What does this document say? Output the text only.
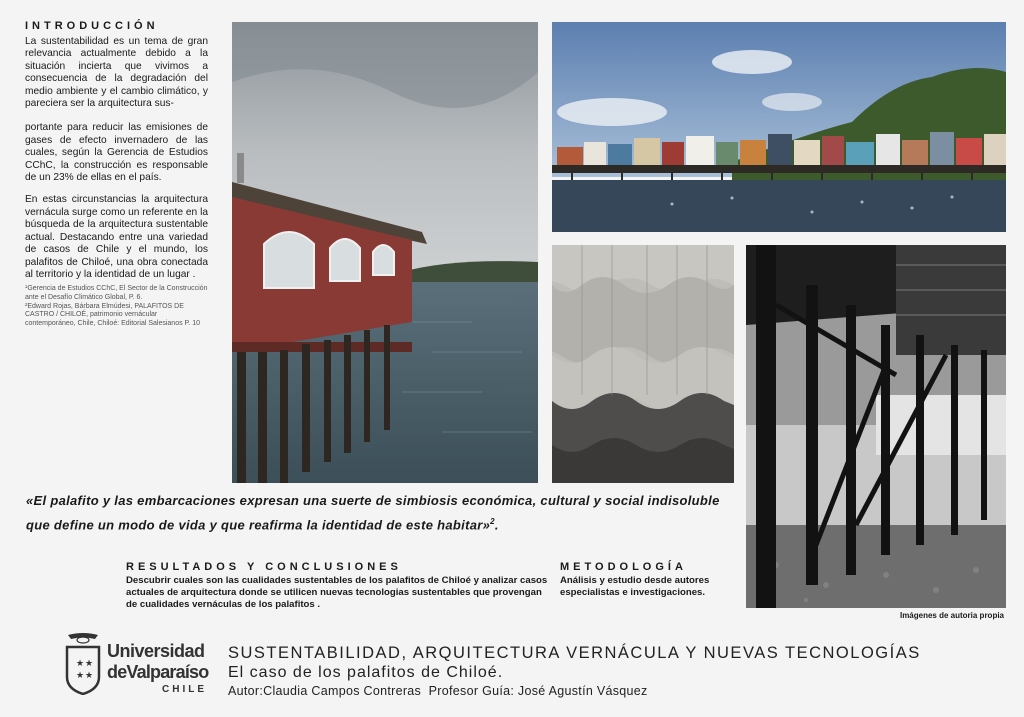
INTRODUCCIÓN

La sustentabilidad es un tema de gran relevancia actualmente debido a la situación incierta que vivimos a consecuencia de la degradación del medio ambiente y el cambio climático, y pareciera ser la arquitectura sus-

portante para reducir las emisiones de gases de efecto invernadero de las cuales, según la Gerencia de Estudios CChC, la construcción es responsable de un 23% de ellas en el país.

En estas circunstancias la arquitectura vernácula surge como un referente en la búsqueda de la arquitectura sustentable actual. Destacando entre una variedad de casos de Chile y el mundo, los palafitos de Chiloé, una obra conectada al territorio y la identidad de un lugar .

¹Gerencia de Estudios CChC, El Sector de la Construcción ante el Desafío Climático Global, P. 6.

²Edward Rojas, Bárbara Elmúdesi, PALAFITOS DE CASTRO / CHILOÉ, patrimonio vernácular contemporáneo, Chile, Chiloé: Editorial Salesianos P. 10

«El palafito y las embarcaciones expresan una suerte de simbiosis económica, cultural y social indisoluble que define un modo de vida y que reafirma la identidad de este habitar»$^2$.
RESULTADOS Y CONCLUSIONES
Descubrir cuales son las cualidades sustentables de los palafitos de Chiloé y analizar casos actuales de arquitectura donde se utilicen nuevas tecnologias sustentables que provengan de cualidades vernáculas de los palafitos .
METODOLOGÍA
Análisis y estudio desde autores especialistas e investigaciones.
Imágenes de autoria propia
★ ★
★ ★
Universidad
deValparaíso
CHILE
SUSTENTABILIDAD, ARQUITECTURA VERNÁCULA Y NUEVAS TECNOLOGÍAS
El caso de los palafitos de Chiloé.
Autor:Claudia Campos Contreras  Profesor Guía: José Agustín Vásquez
